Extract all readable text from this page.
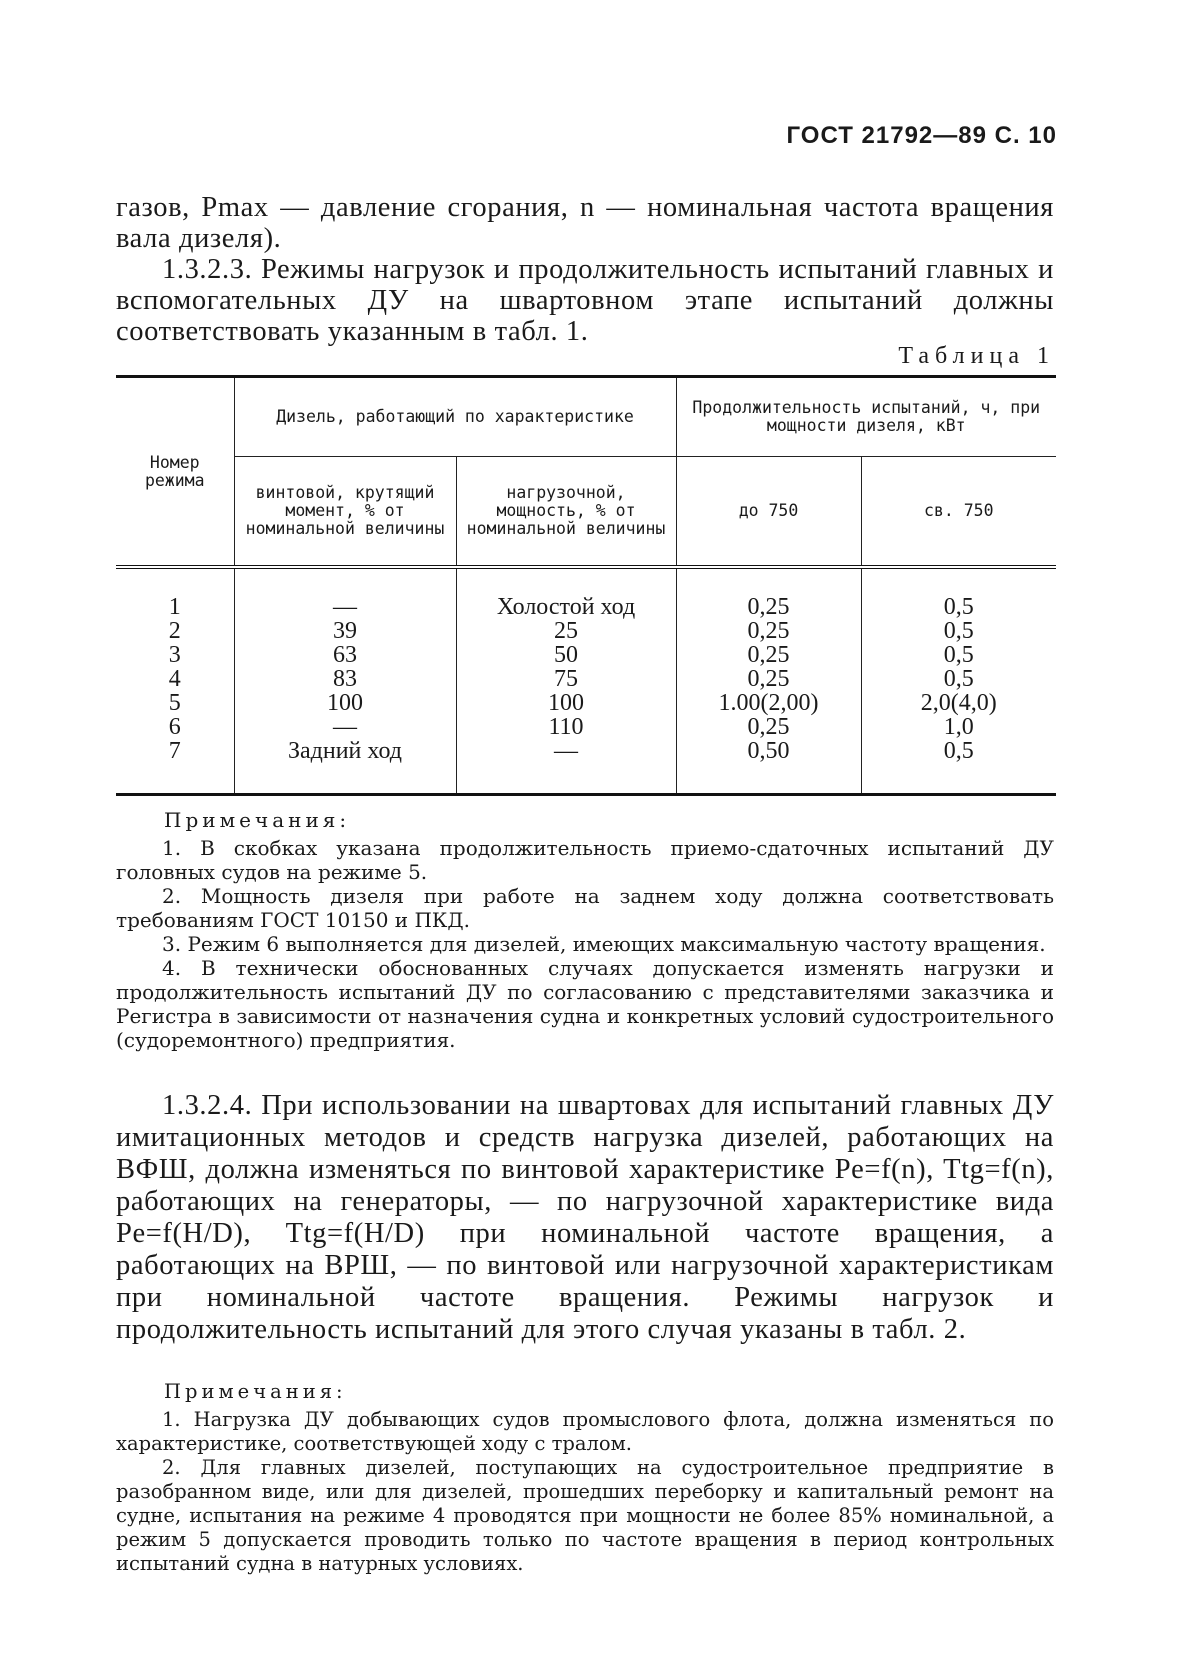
ГОСТ 21792—89 С. 10

газов, Pmax — давление сгорания, n — номинальная частота вращения вала дизеля).

1.3.2.3. Режимы нагрузок и продолжительность испытаний главных и вспомогательных ДУ на швартовном этапе испытаний должны соответствовать указанным в табл. 1.

Таблица 1
Номер режима	Дизель, работающий по характеристике		Продолжительность испытаний, ч, при мощности дизеля, кВт	
	винтовой, крутящий момент, % от номинальной величины	нагрузочной, мощность, % от номинальной величины	до 750	св. 750
1	—	Холостой ход	0,25	0,5
2	39	25	0,25	0,5
3	63	50	0,25	0,5
4	83	75	0,25	0,5
5	100	100	1.00(2,00)	2,0(4,0)
6	—	110	0,25	1,0
7	Задний ход	—	0,50	0,5

Примечания:

1. В скобках указана продолжительность приемо-сдаточных испытаний ДУ головных судов на режиме 5.

2. Мощность дизеля при работе на заднем ходу должна соответствовать требованиям ГОСТ 10150 и ПКД.

3. Режим 6 выполняется для дизелей, имеющих максимальную частоту вращения.

4. В технически обоснованных случаях допускается изменять нагрузки и продолжительность испытаний ДУ по согласованию с представителями заказчика и Регистра в зависимости от назначения судна и конкретных условий судостроительного (судоремонтного) предприятия.

1.3.2.4. При использовании на швартовах для испытаний главных ДУ имитационных методов и средств нагрузка дизелей, работающих на ВФШ, должна изменяться по винтовой характеристике Pe=f(n), Ttg=f(n), работающих на генераторы, — по нагрузочной характеристике вида Pe=f(H/D), Ttg=f(H/D) при номинальной частоте вращения, а работающих на ВРШ, — по винтовой или нагрузочной характеристикам при номинальной частоте вращения. Режимы нагрузок и продолжительность испытаний для этого случая указаны в табл. 2.

Примечания:

1. Нагрузка ДУ добывающих судов промыслового флота, должна изменяться по характеристике, соответствующей ходу с тралом.

2. Для главных дизелей, поступающих на судостроительное предприятие в разобранном виде, или для дизелей, прошедших переборку и капитальный ремонт на судне, испытания на режиме 4 проводятся при мощности не более 85% номинальной, а режим 5 допускается проводить только по частоте вращения в период контрольных испытаний судна в натурных условиях.
